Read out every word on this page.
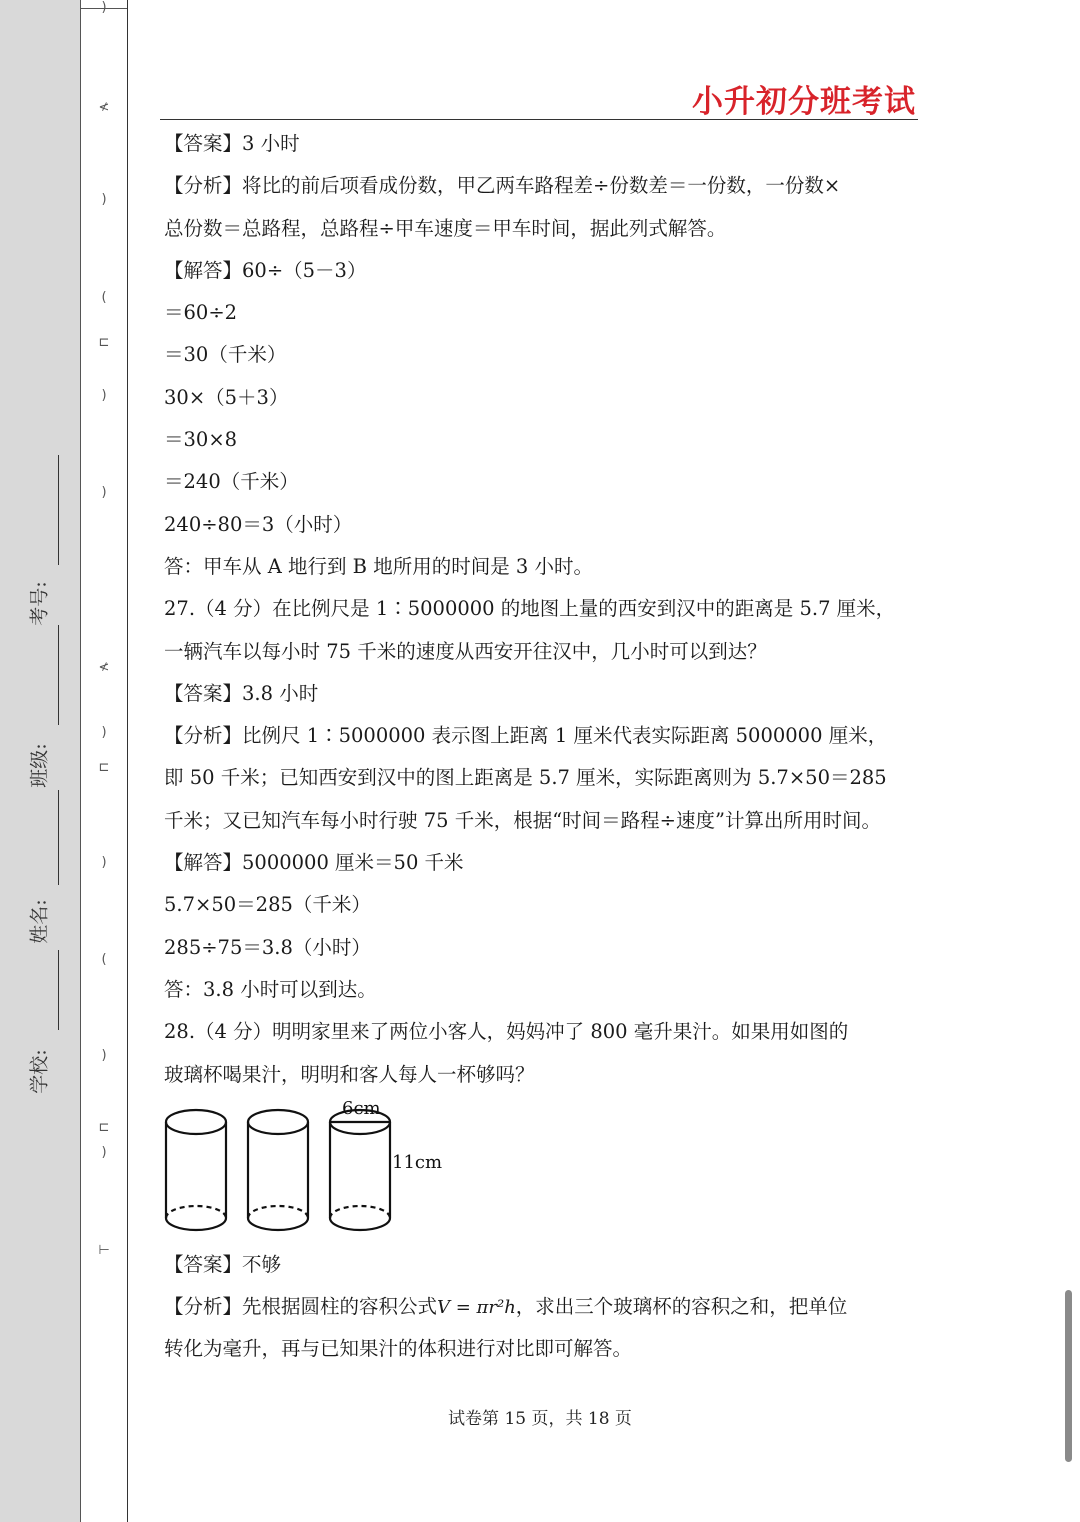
学校:
姓名:
班级:
考号:
)
≮
)
(
⊏
)
)
≮
)
⊏
)
(
)
⊏
)
⊢
小升初分班考试
【答案】3 小时
【分析】将比的前后项看成份数，甲乙两车路程差÷份数差＝一份数，一份数×
总份数＝总路程，总路程÷甲车速度＝甲车时间，据此列式解答。
【解答】60÷（5－3）
＝60÷2
＝30（千米）
30×（5＋3）
＝30×8
＝240（千米）
240÷80＝3（小时）
答：甲车从 A 地行到 B 地所用的时间是 3 小时。
27.（4 分）在比例尺是 1∶5000000 的地图上量的西安到汉中的距离是 5.7 厘米，
一辆汽车以每小时 75 千米的速度从西安开往汉中，几小时可以到达？
【答案】3.8 小时
【分析】比例尺 1∶5000000 表示图上距离 1 厘米代表实际距离 5000000 厘米，
即 50 千米；已知西安到汉中的图上距离是 5.7 厘米，实际距离则为 5.7×50＝285
千米；又已知汽车每小时行驶 75 千米，根据“时间＝路程÷速度”计算出所用时间。
【解答】5000000 厘米＝50 千米
5.7×50＝285（千米）
285÷75＝3.8（小时）
答：3.8 小时可以到达。
28.（4 分）明明家里来了两位小客人，妈妈冲了 800 毫升果汁。如果用如图的
玻璃杯喝果汁，明明和客人每人一杯够吗？
6cm
11cm
【答案】不够
【分析】先根据圆柱的容积公式V = πr²h，求出三个玻璃杯的容积之和，把单位
转化为毫升，再与已知果汁的体积进行对比即可解答。
试卷第 15 页，共 18 页
